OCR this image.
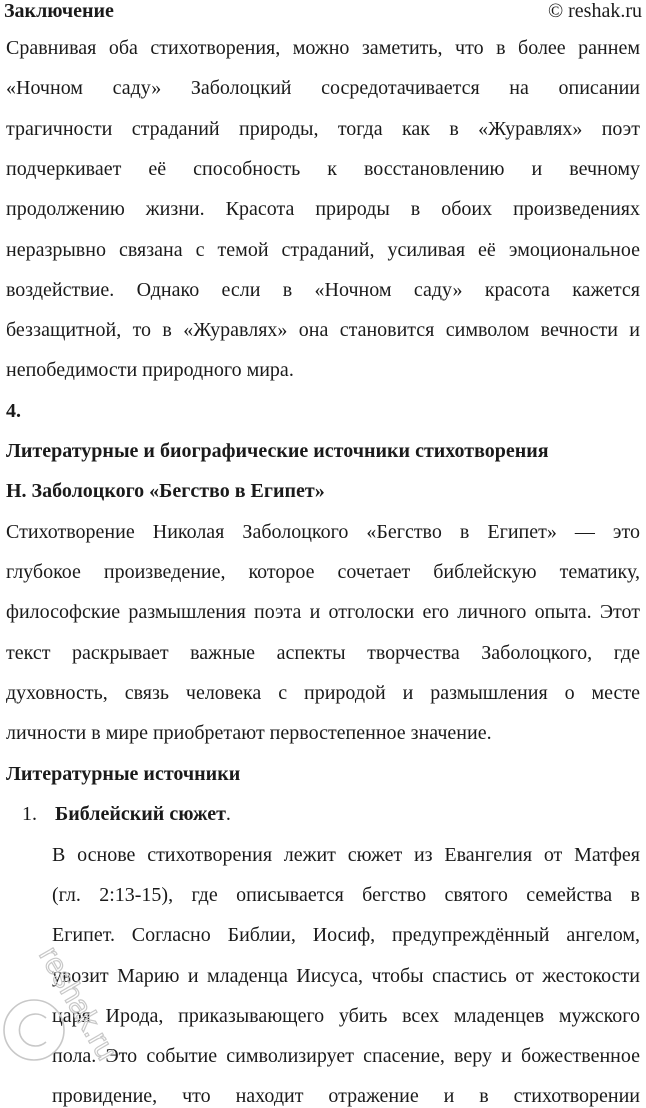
Заключение	© reshak.ru
Сравнивая оба стихотворения, можно заметить, что в более раннем
«Ночном саду» Заболоцкий сосредотачивается на описании
трагичности страданий природы, тогда как в «Журавлях» поэт
подчеркивает её способность к восстановлению и вечному
продолжению жизни. Красота природы в обоих произведениях
неразрывно связана с темой страданий, усиливая её эмоциональное
воздействие. Однако если в «Ночном саду» красота кажется
беззащитной, то в «Журавлях» она становится символом вечности и
непобедимости природного мира.
4.
Литературные и биографические источники стихотворения
Н. Заболоцкого «Бегство в Египет»
Стихотворение Николая Заболоцкого «Бегство в Египет» — это
глубокое произведение, которое сочетает библейскую тематику,
философские размышления поэта и отголоски его личного опыта. Этот
текст раскрывает важные аспекты творчества Заболоцкого, где
духовность, связь человека с природой и размышления о месте
личности в мире приобретают первостепенное значение.
Литературные источники
1. Библейский сюжет.
В основе стихотворения лежит сюжет из Евангелия от Матфея
(гл. 2:13-15), где описывается бегство святого семейства в
Египет. Согласно Библии, Иосиф, предупреждённый ангелом,
увозит Марию и младенца Иисуса, чтобы спастись от жестокости
царя Ирода, приказывающего убить всех младенцев мужского
пола. Это событие символизирует спасение, веру и божественное
провидение, что находит отражение и в стихотворении
reshak.ru
